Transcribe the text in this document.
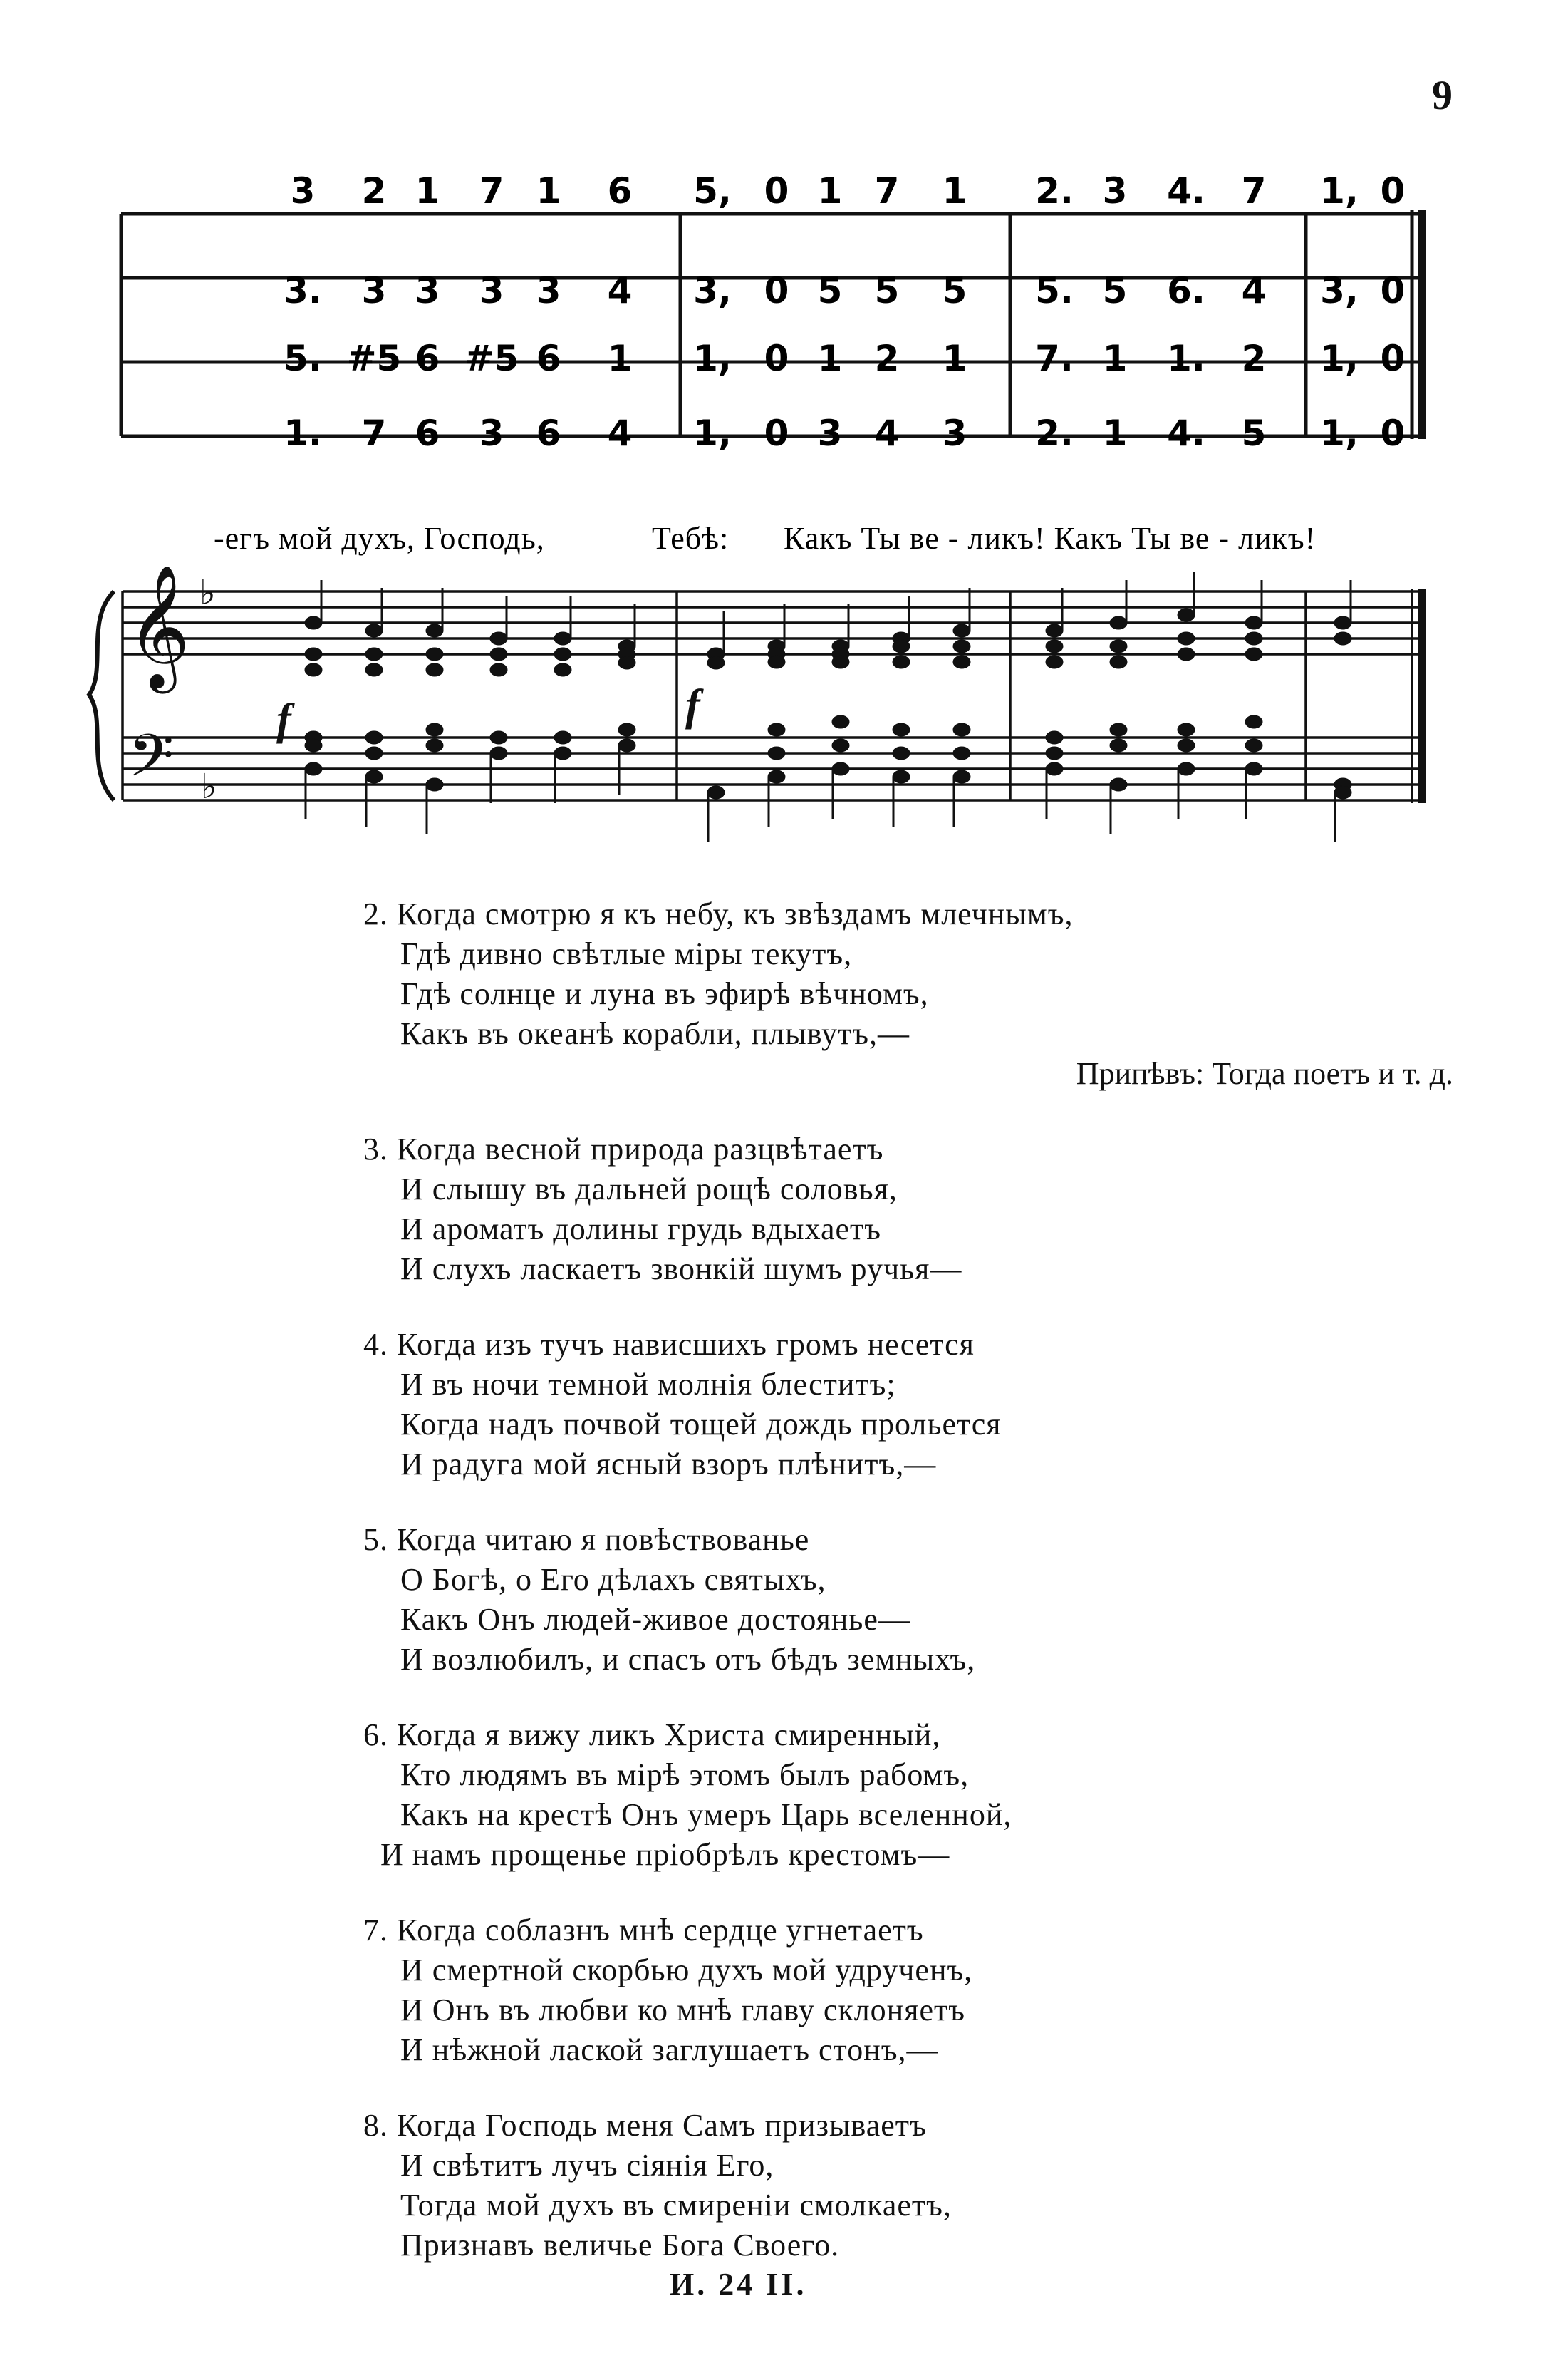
9
3 2 1 7 1 6 5, 0 1 7 1 2. 3 4. 7 1, 0
3. 3 3 3 3 4 3, 0 5 5 5 5. 5 6. 4 3, 0
5. #5 6 #5 6 1 1, 0 1 2 1 7. 1 1. 2 1, 0
1. 7 6 3 6 4 1, 0 3 4 3 2. 1 4. 5 1, 0
-егъ мой духъ, Господь,	Тебѣ: Какъ Ты ве - ликъ! Какъ Ты ве - ликъ!
𝄞
𝄢
♭
♭
f	f
2. Когда смотрю я къ небу, къ звѣздамъ млечнымъ,
Гдѣ дивно свѣтлые міры текутъ,
Гдѣ солнце и луна въ эфирѣ вѣчномъ,
Какъ въ океанѣ корабли, плывутъ,—
Припѣвъ: Тогда поетъ и т. д.
3. Когда весной природа разцвѣтаетъ
И слышу въ дальней рощѣ соловья,
И ароматъ долины грудь вдыхаетъ
И слухъ ласкаетъ звонкій шумъ ручья—
4. Когда изъ тучъ нависшихъ громъ несется
И въ ночи темной молнія блеститъ;
Когда надъ почвой тощей дождь прольется
И радуга мой ясный взоръ плѣнитъ,—
5. Когда читаю я повѣствованье
О Богѣ, о Его дѣлахъ святыхъ,
Какъ Онъ людей-живое достоянье—
И возлюбилъ, и спасъ отъ бѣдъ земныхъ,
6. Когда я вижу ликъ Христа смиренный,
Кто людямъ въ мірѣ этомъ былъ рабомъ,
Какъ на крестѣ Онъ умеръ Царь вселенной,
И намъ прощенье пріобрѣлъ крестомъ—
7. Когда соблазнъ мнѣ сердце угнетаетъ
И смертной скорбью духъ мой удрученъ,
И Онъ въ любви ко мнѣ главу склоняетъ
И нѣжной лаской заглушаетъ стонъ,—
8. Когда Господь меня Самъ призываетъ
И свѣтитъ лучъ сіянія Его,
Тогда мой духъ въ смиреніи смолкаетъ,
Признавъ величье Бога Своего.
И. 24 II.
